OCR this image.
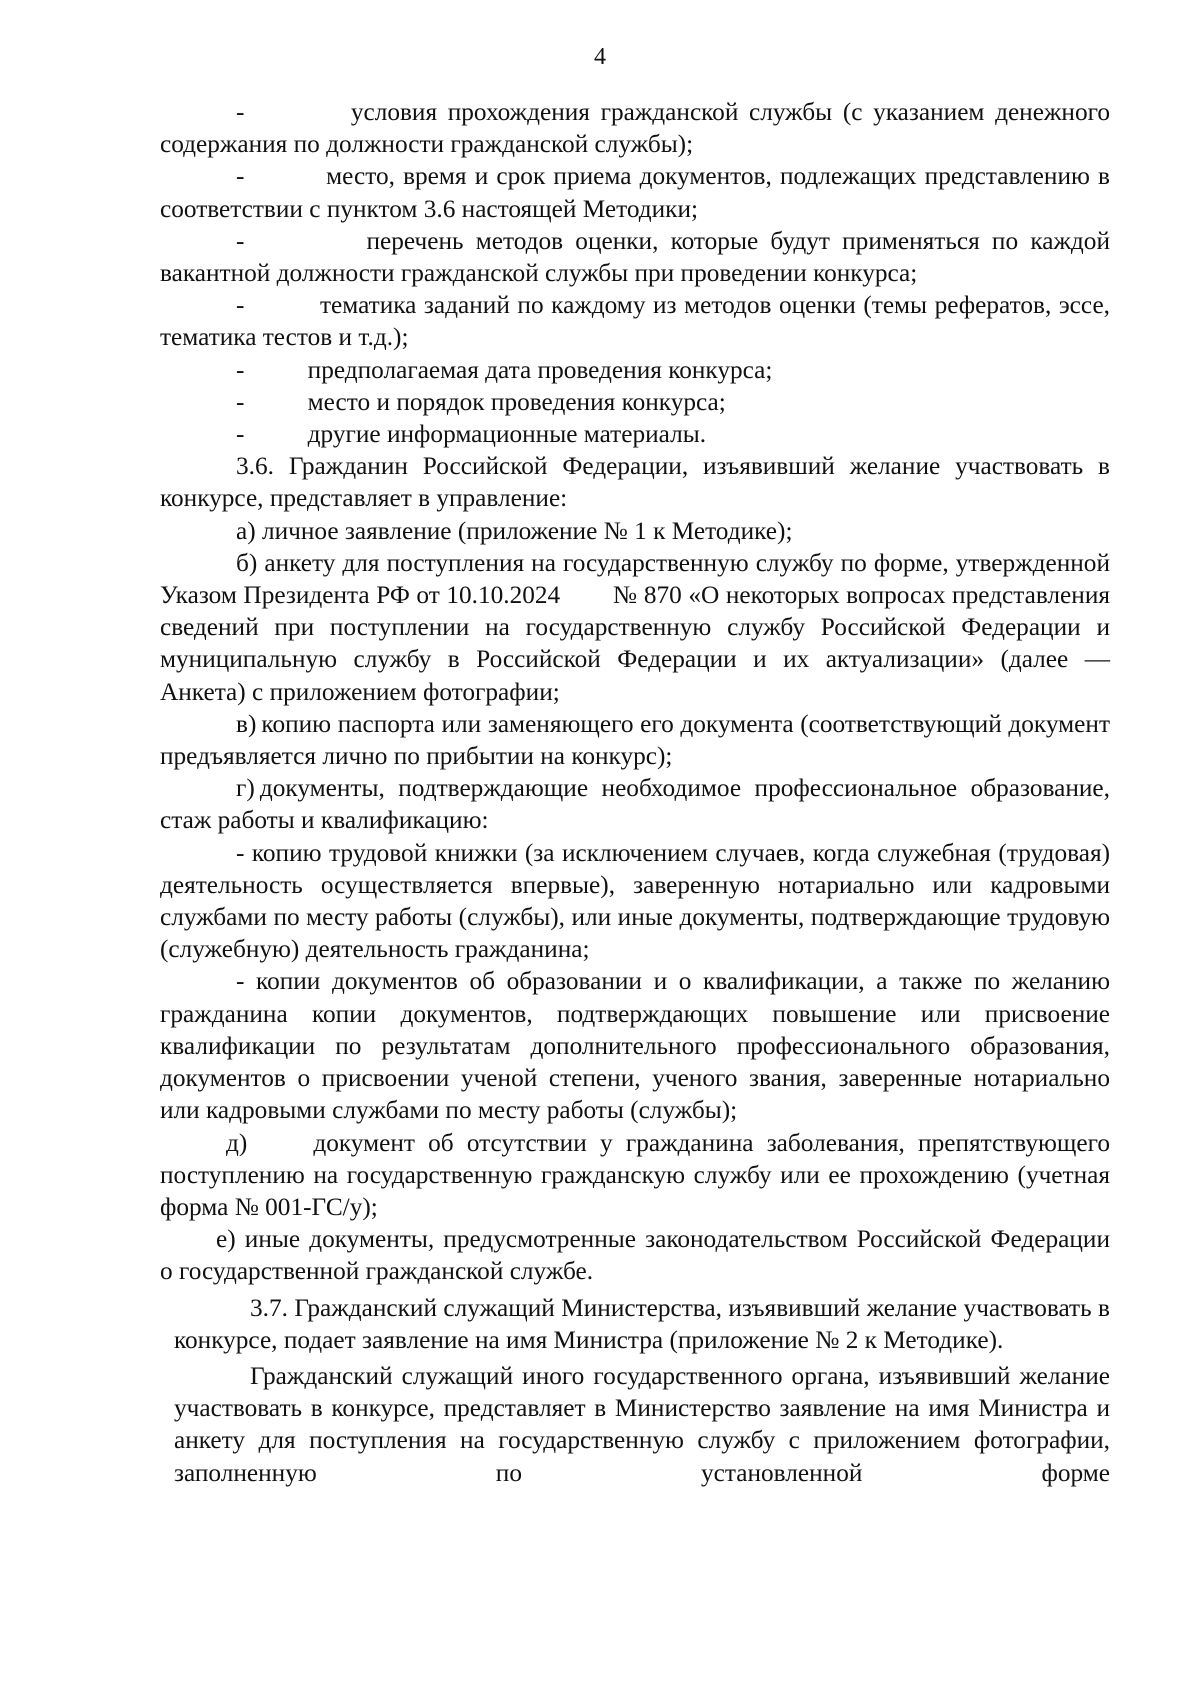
4

-          условия прохождения гражданской службы (с указанием денежного содержания по должности гражданской службы);

-          место, время и срок приема документов, подлежащих представлению в соответствии с пунктом 3.6 настоящей Методики;

-          перечень методов оценки, которые будут применяться по каждой вакантной должности гражданской службы при проведении конкурса;

-          тематика заданий по каждому из методов оценки (темы рефератов, эссе, тематика тестов и т.д.);

-          предполагаемая дата проведения конкурса;

-          место и порядок проведения конкурса;

-          другие информационные материалы.

3.6. Гражданин Российской Федерации, изъявивший желание участвовать в конкурсе, представляет в управление:

а) личное заявление (приложение № 1 к Методике);

б) анкету для поступления на государственную службу по форме, утвержденной Указом Президента РФ от 10.10.2024        № 870 «О некоторых вопросах представления сведений при поступлении на государственную службу Российской Федерации и муниципальную службу в Российской Федерации и их актуализации» (далее — Анкета) с приложением фотографии;

в) копию паспорта или заменяющего его документа (соответствующий документ предъявляется лично по прибытии на конкурс);

г) документы, подтверждающие необходимое профессиональное образование, стаж работы и квалификацию:

- копию трудовой книжки (за исключением случаев, когда служебная (трудовая) деятельность осуществляется впервые), заверенную нотариально или кадровыми службами по месту работы (службы), или иные документы, подтверждающие трудовую (служебную) деятельность гражданина;

- копии документов об образовании и о квалификации, а также по желанию гражданина копии документов, подтверждающих повышение или присвоение квалификации по результатам дополнительного профессионального образования, документов о присвоении ученой степени, ученого звания, заверенные нотариально или кадровыми службами по месту работы (службы);

д)     документ об отсутствии у гражданина заболевания, препятствующего поступлению на государственную гражданскую службу или ее прохождению (учетная форма № 001-ГС/у);

е) иные документы, предусмотренные законодательством Российской Федерации о государственной гражданской службе.

3.7. Гражданский служащий Министерства, изъявивший желание участвовать в конкурсе, подает заявление на имя Министра (приложение № 2 к Методике).

Гражданский служащий иного государственного органа, изъявивший желание участвовать в конкурсе, представляет в Министерство заявление на имя Министра и анкету для поступления на государственную службу с приложением фотографии, заполненную по установленной форме
